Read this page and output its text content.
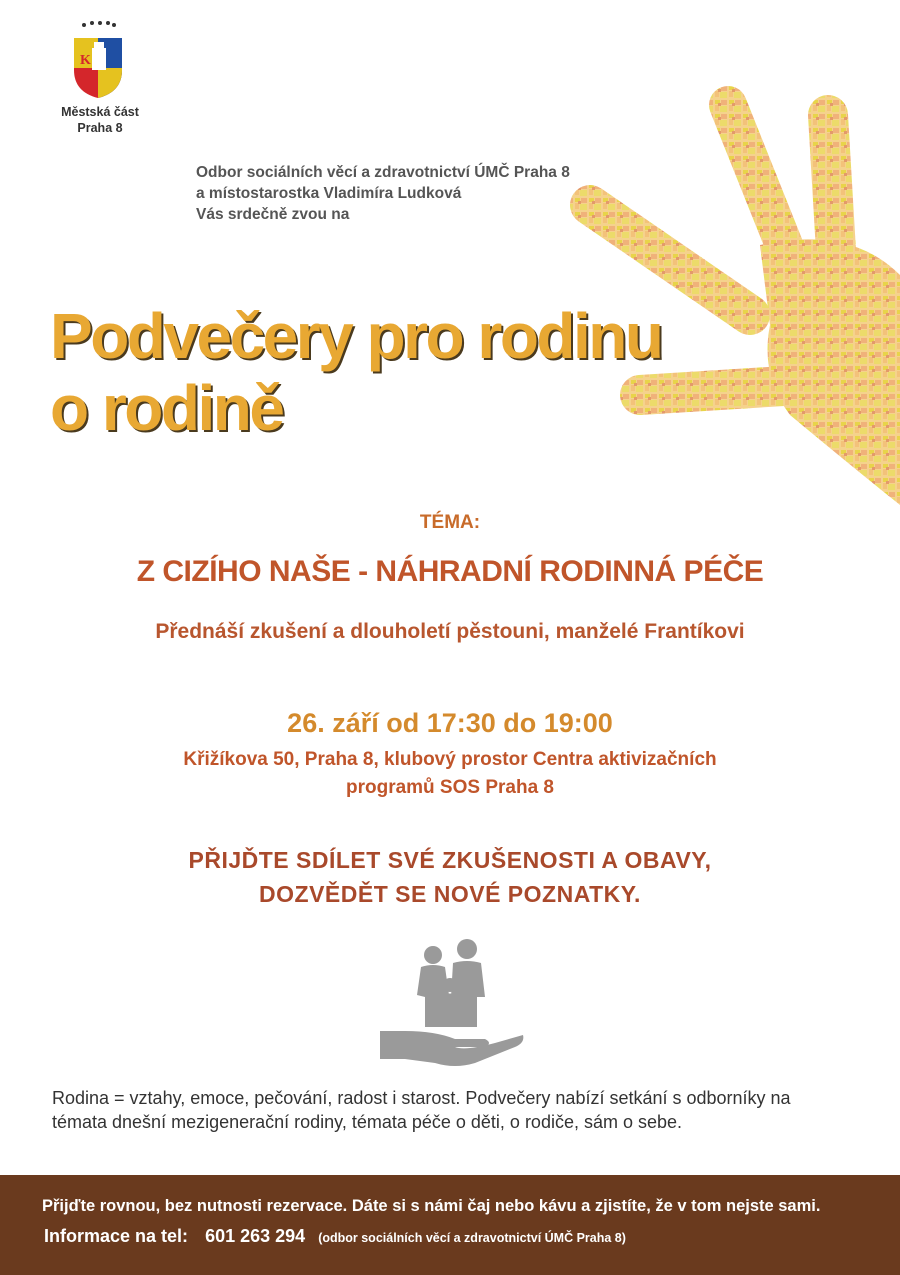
K
Městská část
Praha 8
Odbor sociálních věcí a zdravotnictví ÚMČ Praha 8
a místostarostka Vladimíra Ludková
Vás srdečně zvou na
Podvečery pro rodinu
o rodině
TÉMA:
Z CIZÍHO NAŠE - NÁHRADNÍ RODINNÁ PÉČE
Přednáší zkušení a dlouholetí pěstouni, manželé Frantíkovi
26. září od 17:30 do 19:00
Křižíkova 50, Praha 8, klubový prostor Centra aktivizačních
programů SOS Praha 8
PŘIJĎTE SDÍLET SVÉ ZKUŠENOSTI A OBAVY,
DOZVĚDĚT SE NOVÉ POZNATKY.
Rodina = vztahy, emoce, pečování, radost i starost. Podvečery nabízí setkání s odborníky na
témata dnešní mezigenerační rodiny, témata péče o děti, o rodiče, sám o sebe.
Přijďte rovnou, bez nutnosti rezervace. Dáte si s námi čaj nebo kávu a zjistíte, že v tom nejste sami.
Informace na tel: 601 263 294 (odbor sociálních věcí a zdravotnictví ÚMČ Praha 8)
